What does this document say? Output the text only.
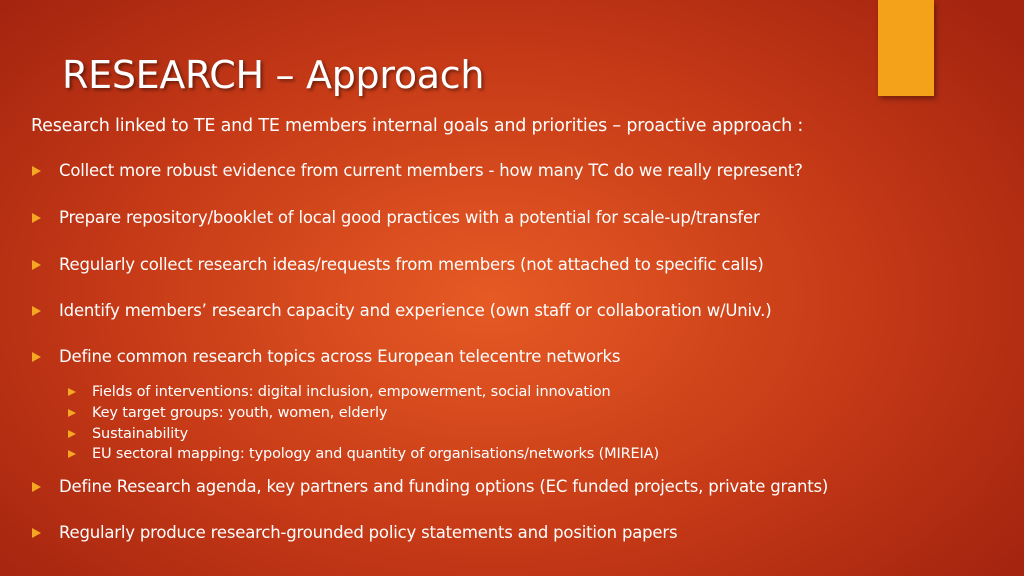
RESEARCH – Approach

Research linked to TE and TE members internal goals and priorities – proactive approach :

Collect more robust evidence from current members - how many TC do we really represent?
Prepare repository/booklet of local good practices with a potential for scale-up/transfer
Regularly collect research ideas/requests from members (not attached to specific calls)
Identify members’ research capacity and experience (own staff or collaboration w/Univ.)
Define common research topics across European telecentre networks
Define Research agenda, key partners and funding options (EC funded projects, private grants)
Regularly produce research-grounded policy statements and position papers
Fields of interventions: digital inclusion, empowerment, social innovation
Key target groups: youth, women, elderly
Sustainability
EU sectoral mapping: typology and quantity of organisations/networks (MIREIA)
